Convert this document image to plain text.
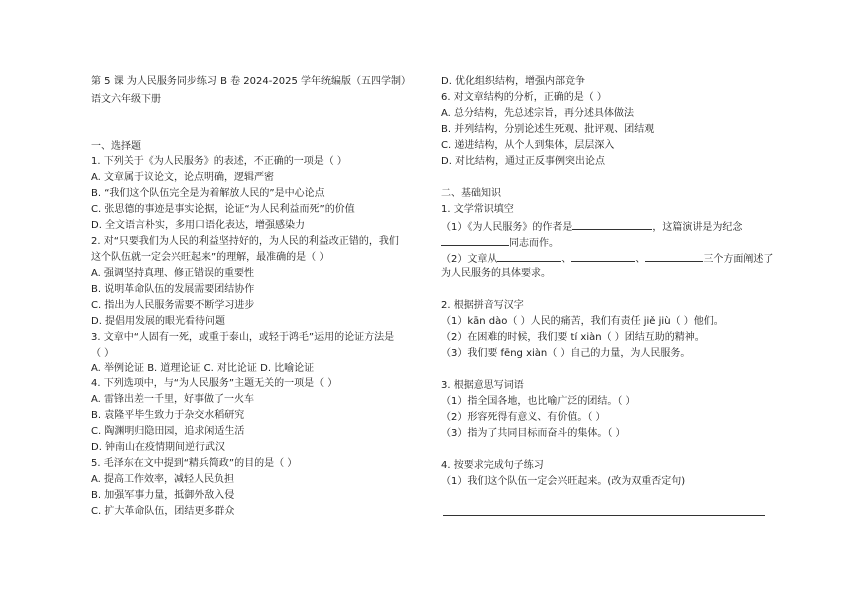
第 5 课 为人民服务同步练习 B 卷 2024-2025 学年统编版（五四学制）
语文六年级下册
一、选择题
1. 下列关于《为人民服务》的表述，不正确的一项是（ ）
A. 文章属于议论文，论点明确，逻辑严密
B. “我们这个队伍完全是为着解放人民的”是中心论点
C. 张思德的事迹是事实论据，论证“为人民利益而死”的价值
D. 全文语言朴实，多用口语化表达，增强感染力
2. 对“只要我们为人民的利益坚持好的，为人民的利益改正错的，我们
这个队伍就一定会兴旺起来”的理解，最准确的是（ ）
A. 强调坚持真理、修正错误的重要性
B. 说明革命队伍的发展需要团结协作
C. 指出为人民服务需要不断学习进步
D. 提倡用发展的眼光看待问题
3. 文章中“人固有一死，或重于泰山，或轻于鸿毛”运用的论证方法是
（ ）
A. 举例论证 B. 道理论证 C. 对比论证 D. 比喻论证
4. 下列选项中，与“为人民服务”主题无关的一项是（ ）
A. 雷锋出差一千里，好事做了一火车
B. 袁隆平毕生致力于杂交水稻研究
C. 陶渊明归隐田园，追求闲适生活
D. 钟南山在疫情期间逆行武汉
5. 毛泽东在文中提到“精兵简政”的目的是（ ）
A. 提高工作效率，减轻人民负担
B. 加强军事力量，抵御外敌入侵
C. 扩大革命队伍，团结更多群众
D. 优化组织结构，增强内部竞争
6. 对文章结构的分析，正确的是（ ）
A. 总分结构，先总述宗旨，再分述具体做法
B. 并列结构，分别论述生死观、批评观、团结观
C. 递进结构，从个人到集体，层层深入
D. 对比结构，通过正反事例突出论点
二、基础知识
1. 文学常识填空
（1）《为人民服务》的作者是	，这篇演讲是为纪念
同志而作。
（2）文章从	、	、	三个方面阐述了
为人民服务的具体要求。
2. 根据拼音写汉字
（1）kān dào（ ）人民的痛苦，我们有责任 jiě jiù（ ）他们。
（2）在困难的时候，我们要 tí xiàn（ ）团结互助的精神。
（3）我们要 fēng xiàn（ ）自己的力量，为人民服务。
3. 根据意思写词语
（1）指全国各地，也比喻广泛的团结。（ ）
（2）形容死得有意义、有价值。（ ）
（3）指为了共同目标而奋斗的集体。（ ）
4. 按要求完成句子练习
（1）我们这个队伍一定会兴旺起来。(改为双重否定句)
